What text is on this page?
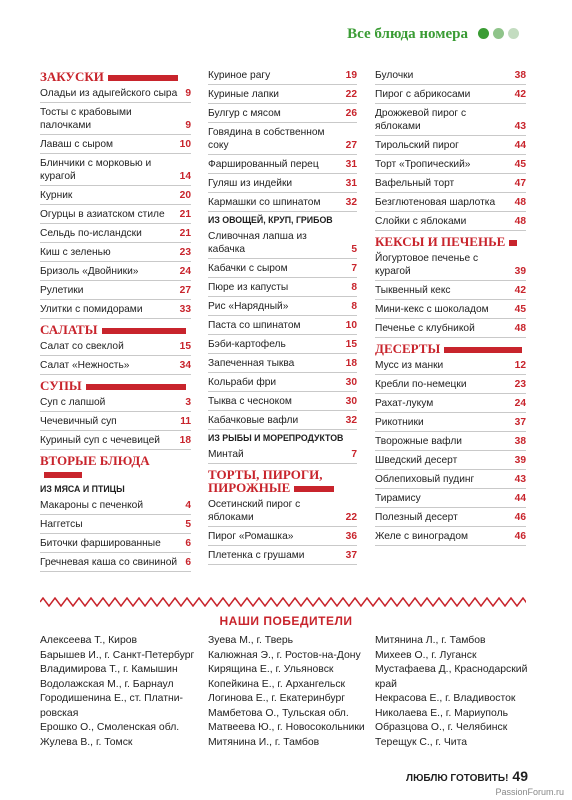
Все блюда номера
ЗАКУСКИ
Оладьи из адыгейского сыра 9
Тосты с крабовыми палочками	9
Лаваш с сыром	10
Блинчики с морковью и курагой	14
Курник	20
Огурцы в азиатском стиле	21
Сельдь по-исландски	21
Киш с зеленью	23
Бризоль «Двойники»	24
Рулетики	27
Улитки с помидорами	33
САЛАТЫ
Салат со свеклой	15
Салат «Нежность»	34
СУПЫ
Суп с лапшой	3
Чечевичный суп	11
Куриный суп с чечевицей	18
ВТОРЫЕ БЛЮДА
ИЗ МЯСА И ПТИЦЫ
Макароны с печенкой	4
Наггетсы	5
Биточки фаршированные	6
Гречневая каша со свининой 6
Куриное рагу	19
Куриные лапки	22
Булгур с мясом	26
Говядина в собственном соку	27
Фаршированный перец	31
Гуляш из индейки	31
Кармашки со шпинатом	32
ИЗ ОВОЩЕЙ, КРУП, ГРИБОВ
Сливочная лапша из кабачка	5
Кабачки с сыром	7
Пюре из капусты	8
Рис «Нарядный»	8
Паста со шпинатом	10
Бэби-картофель	15
Запеченная тыква	18
Кольраби фри	30
Тыква с чесноком	30
Кабачковые вафли	32
ИЗ РЫБЫ И МОРЕПРОДУКТОВ
Минтай	7
ТОРТЫ, ПИРОГИ, ПИРОЖНЫЕ
Осетинский пирог с яблоками	22
Пирог «Ромашка»	36
Плетенка с грушами	37
Булочки	38
Пирог с абрикосами	42
Дрожжевой пирог с яблоками	43
Тирольский пирог	44
Торт «Тропический»	45
Вафельный торт	47
Безглютеновая шарлотка	48
Слойки с яблоками	48
КЕКСЫ И ПЕЧЕНЬЕ
Йогуртовое печенье с курагой	39
Тыквенный кекс	42
Мини-кекс с шоколадом	45
Печенье с клубникой	48
ДЕСЕРТЫ
Мусс из манки	12
Кребли по-немецки	23
Рахат-лукум	24
Рикотники	37
Творожные вафли	38
Шведский десерт	39
Облепиховый пудинг	43
Тирамису	44
Полезный десерт	46
Желе с виноградом	46
НАШИ ПОБЕДИТЕЛИ
Алексеева Т., Киров
Барышев И., г. Санкт-Петербург
Владимирова Т., г. Камышин
Водолажская М., г. Барнаул
Городишенина Е., ст. Платни-ровская
Ерошко О., Смоленская обл.
Жулева В., г. Томск
Зуева М., г. Тверь
Калюжная Э., г. Ростов-на-Дону
Кирящина Е., г. Ульяновск
Копейкина Е., г. Архангельск
Логинова Е., г. Екатеринбург
Мамбетова О., Тульская обл.
Матвеева Ю., г. Новосокольники
Митянина И., г. Тамбов
Митянина Л., г. Тамбов
Михеев О., г. Луганск
Мустафаева Д., Краснодарский край
Некрасова Е., г. Владивосток
Николаева Е., г. Мариуполь
Образцова О., г. Челябинск
Терещук С., г. Чита
ЛЮБЛЮ ГОТОВИТЬ! 49
PassionForum.ru
